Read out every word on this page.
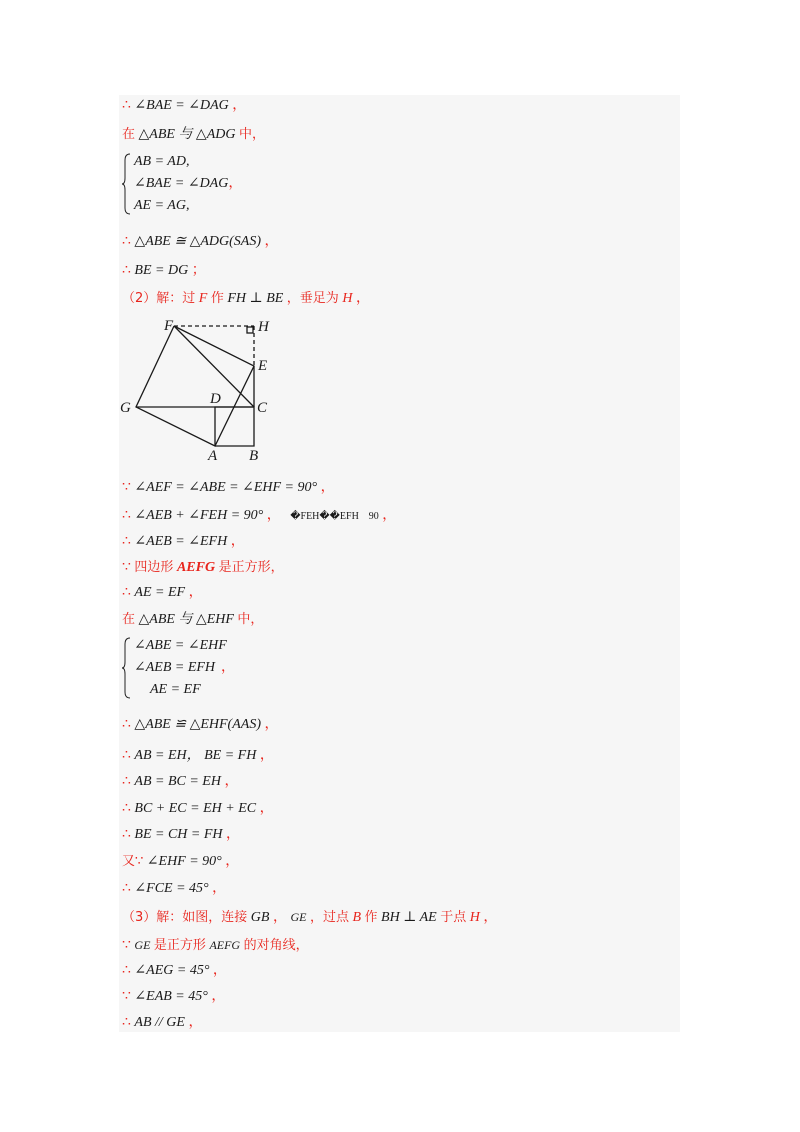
∴ ∠BAE = ∠DAG ，
在 △ABE 与 △ADG 中，
AB = AD,
∠BAE = ∠DAG，
AE = AG,
∴ △ABE ≅ △ADG(SAS) ，
∴ BE = DG ；
（2）解：过 F 作 FH ⊥ BE ，垂足为 H ，
F	H
E
G
D
C
A B
∵ ∠AEF = ∠ABE = ∠EHF = 90° ，
∴ ∠AEB + ∠FEH = 90° ， �FEH��EFH　90 ，
∴ ∠AEB = ∠EFH ，
∵ 四边形 AEFG 是正方形，
∴ AE = EF ，
在 △ABE 与 △EHF 中，
∠ABE = ∠EHF
∠AEB = EFH ，
AE = EF
∴ △ABE ≌ △EHF(AAS) ，
∴ AB = EH， BE = FH ，
∴ AB = BC = EH ，
∴ BC + EC = EH + EC ，
∴ BE = CH = FH ，
又∵ ∠EHF = 90° ，
∴ ∠FCE = 45° ，
（3）解：如图，连接 GB ， GE ，过点 B 作 BH ⊥ AE 于点 H ，
∵ GE 是正方形 AEFG 的对角线，
∴ ∠AEG = 45° ，
∵ ∠EAB = 45° ，
∴ AB // GE ，
